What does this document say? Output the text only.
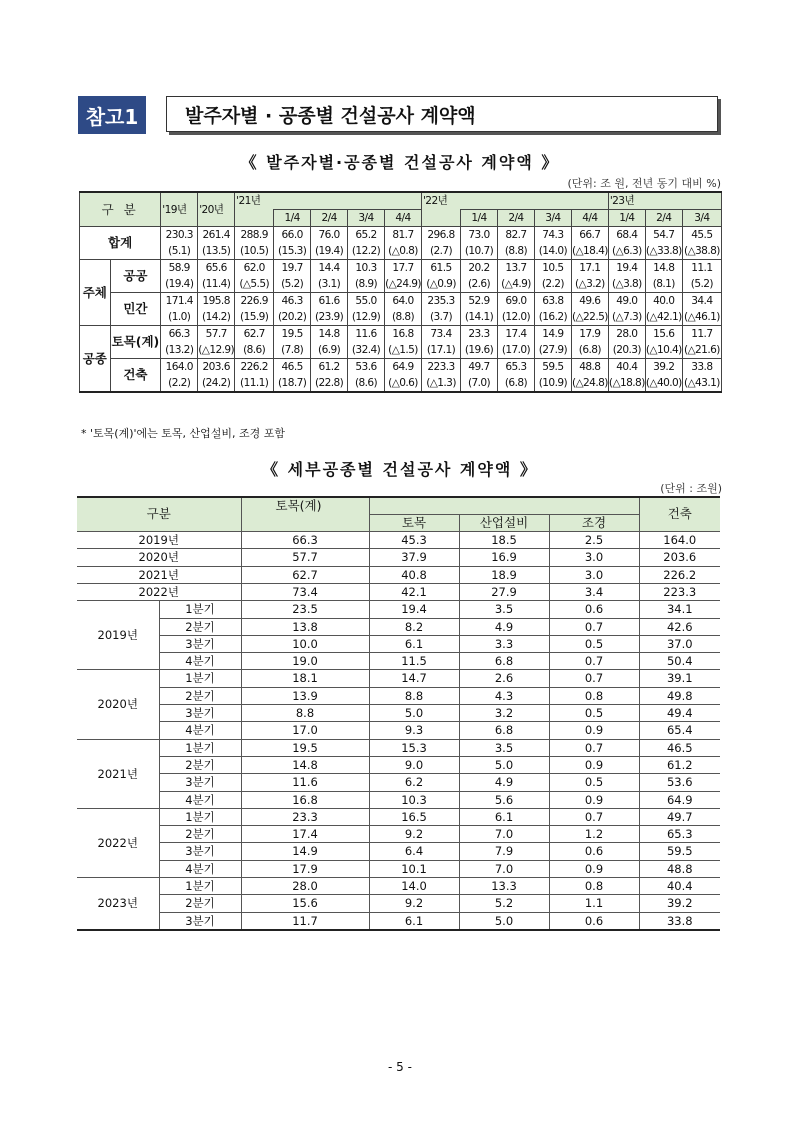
참고1	발주자별 · 공종별 건설공사 계약액
《 발주자별·공종별 건설공사 계약액 》
(단위: 조 원, 전년 동기 대비 %)
구 분		'19년	'20년	'21년					'22년					'23년		
					1/4	2/4	3/4	4/4		1/4	2/4	3/4	4/4	1/4	2/4	3/4
합계		230.3	261.4	288.9	66.0	76.0	65.2	81.7	296.8	73.0	82.7	74.3	66.7	68.4	54.7	45.5
		(5.1)	(13.5)	(10.5)	(15.3)	(19.4)	(12.2)	(△0.8)	(2.7)	(10.7)	(8.8)	(14.0)	(△18.4)	(△6.3)	(△33.8)	(△38.8)
주체	공공	58.9	65.6	62.0	19.7	14.4	10.3	17.7	61.5	20.2	13.7	10.5	17.1	19.4	14.8	11.1
		(19.4)	(11.4)	(△5.5)	(5.2)	(3.1)	(8.9)	(△24.9)	(△0.9)	(2.6)	(△4.9)	(2.2)	(△3.2)	(△3.8)	(8.1)	(5.2)
	민간	171.4	195.8	226.9	46.3	61.6	55.0	64.0	235.3	52.9	69.0	63.8	49.6	49.0	40.0	34.4
		(1.0)	(14.2)	(15.9)	(20.2)	(23.9)	(12.9)	(8.8)	(3.7)	(14.1)	(12.0)	(16.2)	(△22.5)	(△7.3)	(△42.1)	(△46.1)
공종	토목(계)	66.3	57.7	62.7	19.5	14.8	11.6	16.8	73.4	23.3	17.4	14.9	17.9	28.0	15.6	11.7
		(13.2)	(△12.9)	(8.6)	(7.8)	(6.9)	(32.4)	(△1.5)	(17.1)	(19.6)	(17.0)	(27.9)	(6.8)	(20.3)	(△10.4)	(△21.6)
	건축	164.0	203.6	226.2	46.5	61.2	53.6	64.9	223.3	49.7	65.3	59.5	48.8	40.4	39.2	33.8
		(2.2)	(24.2)	(11.1)	(18.7)	(22.8)	(8.6)	(△0.6)	(△1.3)	(7.0)	(6.8)	(10.9)	(△24.8)	(△18.8)	(△40.0)	(△43.1)
* '토목(계)'에는 토목, 산업설비, 조경 포함
《 세부공종별 건설공사 계약액 》
(단위 : 조원)
구분		토목(계)				건축
			토목	산업설비	조경	
2019년		66.3	45.3	18.5	2.5	164.0
2020년		57.7	37.9	16.9	3.0	203.6
2021년		62.7	40.8	18.9	3.0	226.2
2022년		73.4	42.1	27.9	3.4	223.3
2019년	1분기	23.5	19.4	3.5	0.6	34.1
	2분기	13.8	8.2	4.9	0.7	42.6
	3분기	10.0	6.1	3.3	0.5	37.0
	4분기	19.0	11.5	6.8	0.7	50.4
2020년	1분기	18.1	14.7	2.6	0.7	39.1
	2분기	13.9	8.8	4.3	0.8	49.8
	3분기	8.8	5.0	3.2	0.5	49.4
	4분기	17.0	9.3	6.8	0.9	65.4
2021년	1분기	19.5	15.3	3.5	0.7	46.5
	2분기	14.8	9.0	5.0	0.9	61.2
	3분기	11.6	6.2	4.9	0.5	53.6
	4분기	16.8	10.3	5.6	0.9	64.9
2022년	1분기	23.3	16.5	6.1	0.7	49.7
	2분기	17.4	9.2	7.0	1.2	65.3
	3분기	14.9	6.4	7.9	0.6	59.5
	4분기	17.9	10.1	7.0	0.9	48.8
2023년	1분기	28.0	14.0	13.3	0.8	40.4
	2분기	15.6	9.2	5.2	1.1	39.2
	3분기	11.7	6.1	5.0	0.6	33.8
- 5 -
